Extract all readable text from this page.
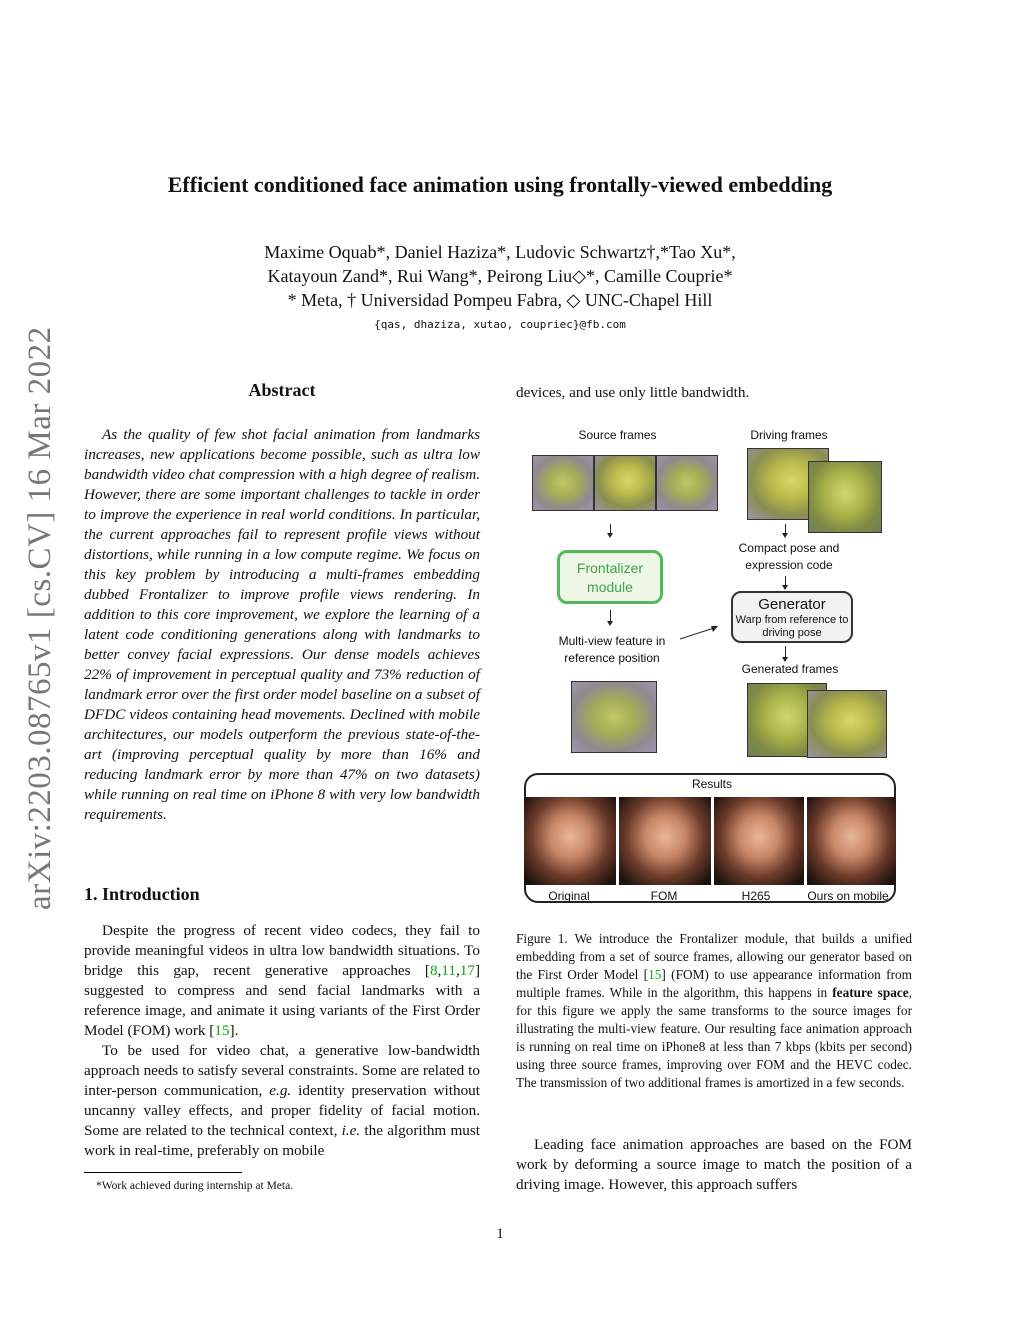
arXiv:2203.08765v1 [cs.CV] 16 Mar 2022
Efficient conditioned face animation using frontally-viewed embedding
Maxime Oquab*, Daniel Haziza*, Ludovic Schwartz†,*Tao Xu*,
Katayoun Zand*, Rui Wang*, Peirong Liu◇*, Camille Couprie*
* Meta, † Universidad Pompeu Fabra, ◇ UNC-Chapel Hill
{qas, dhaziza, xutao, coupriec}@fb.com
Abstract
As the quality of few shot facial animation from landmarks increases, new applications become possible, such as ultra low bandwidth video chat compression with a high degree of realism. However, there are some important challenges to tackle in order to improve the experience in real world conditions. In particular, the current approaches fail to represent profile views without distortions, while running in a low compute regime. We focus on this key problem by introducing a multi-frames embedding dubbed Frontalizer to improve profile views rendering. In addition to this core improvement, we explore the learning of a latent code conditioning generations along with landmarks to better convey facial expressions. Our dense models achieves 22% of improvement in perceptual quality and 73% reduction of landmark error over the first order model baseline on a subset of DFDC videos containing head movements. Declined with mobile architectures, our models outperform the previous state-of-the-art (improving perceptual quality by more than 16% and reducing landmark error by more than 47% on two datasets) while running on real time on iPhone 8 with very low bandwidth requirements.
1. Introduction

Despite the progress of recent video codecs, they fail to provide meaningful videos in ultra low bandwidth situations. To bridge this gap, recent generative approaches [8,11,17] suggested to compress and send facial landmarks with a reference image, and animate it using variants of the First Order Model (FOM) work [15].

To be used for video chat, a generative low-bandwidth approach needs to satisfy several constraints. Some are related to inter-person communication, e.g. identity preservation without uncanny valley effects, and proper fidelity of facial motion. Some are related to the technical context, i.e. the algorithm must work in real-time, preferably on mobile

*Work achieved during internship at Meta.
1
devices, and use only little bandwidth.
Source frames	Driving frames
Frontalizer module
Compact pose and expression code
Generator
Warp from reference to driving pose
Multi-view feature in reference position
Generated frames
Results
Original	FOM	H265	Ours on mobile
Figure 1. We introduce the Frontalizer module, that builds a unified embedding from a set of source frames, allowing our generator based on the First Order Model [15] (FOM) to use appearance information from multiple frames. While in the algorithm, this happens in feature space, for this figure we apply the same transforms to the source images for illustrating the multi-view feature. Our resulting face animation approach is running on real time on iPhone8 at less than 7 kbps (kbits per second) using three source frames, improving over FOM and the HEVC codec. The transmission of two additional frames is amortized in a few seconds.
Leading face animation approaches are based on the FOM work by deforming a source image to match the position of a driving image. However, this approach suffers
